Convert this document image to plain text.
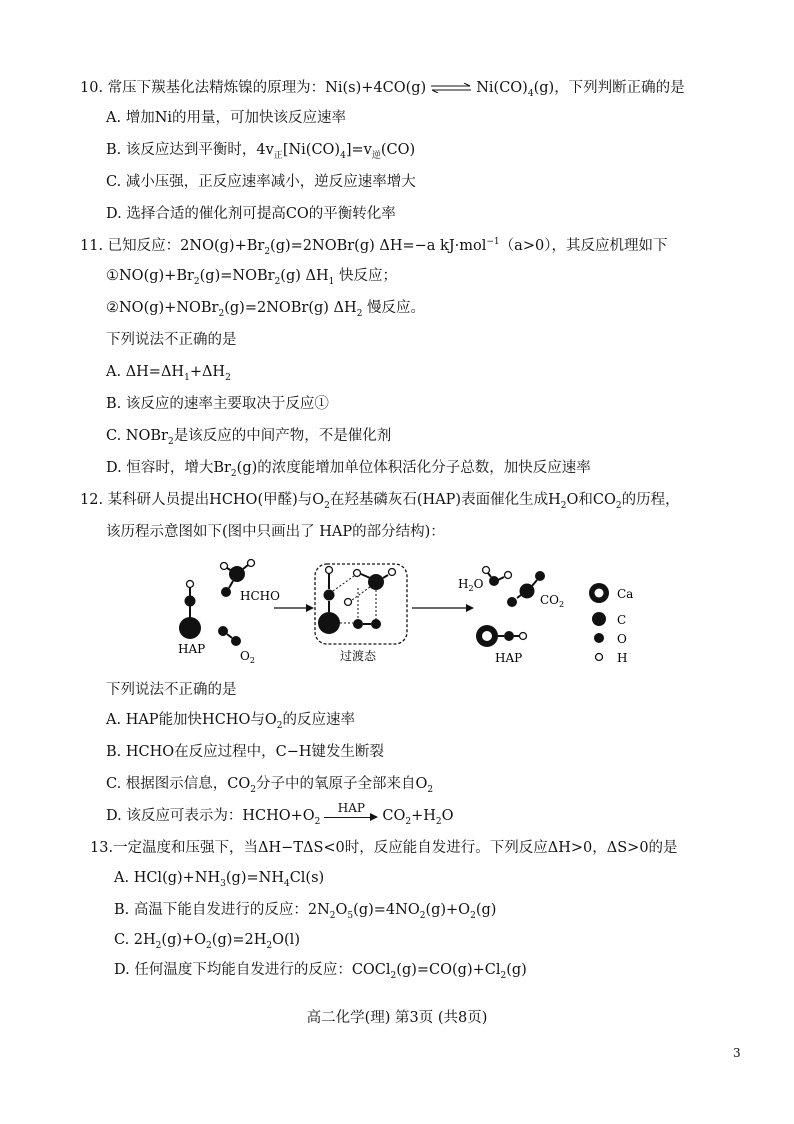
10. 常压下羰基化法精炼镍的原理为：Ni(s)+4CO(g) ⇌ $Ni(CO)_4(g)$，下列判断正确的是
A. 增加Ni的用量，可加快该反应速率
B. 该反应达到平衡时，$4v_正[Ni(CO)_4]=v_逆(CO)$
C. 减小压强，正反应速率减小，逆反应速率增大
D. 选择合适的催化剂可提高CO的平衡转化率
11. 已知反应：$2NO(g)+Br_2(g)=2NOBr(g)$ ΔH=−a kJ·mol$^{-1}$（a>0），其反应机理如下
$①NO(g)+Br_2(g)=NOBr_2(g)$ $\Delta H_1$ 快反应；
②NO(g)+NOBr$_2$(g)=2NOBr(g) $\Delta H_2$ 慢反应。
下列说法不正确的是
A. $\Delta H=\Delta H_1+\Delta H_2$
B. 该反应的速率主要取决于反应①
C. NOBr$_2$是该反应的中间产物，不是催化剂
D. 恒容时，增大$Br_2(g)$的浓度能增加单位体积活化分子总数，加快反应速率
12. 某科研人员提出HCHO(甲醛)与$O_2$在羟基磷灰石(HAP)表面催化生成$H_2O$和$CO_2$的历程，
该历程示意图如下(图中只画出了 HAP的部分结构)：
HAP
HCHO
$O_2$	过渡态
$H_2O$
$CO_2$
HAP
Ca
C
O
H
下列说法不正确的是
A. HAP能加快HCHO与$O_2$的反应速率
B. HCHO在反应过程中，C−H键发生断裂
C. 根据图示信息，$CO_2$分子中的氧原子全部来自$O_2$
D. 该反应可表示为：$HCHO+O_2$
HAP	$CO_2+H_2O$
13.一定温度和压强下，当ΔH−TΔS<0时，反应能自发进行。下列反应ΔH>0，ΔS>0的是
A. $HCl(g)+NH_3(g)=NH_4Cl(s)$
B. 高温下能自发进行的反应：$2N_2O_5(g)=4NO_2(g)+O_2(g)$
C. $2H_2(g)+O_2(g)=2H_2O(l)$
D. 任何温度下均能自发进行的反应：$COCl_2(g)=CO(g)+Cl_2(g)$
高二化学(理) 第3页 (共8页)
3
